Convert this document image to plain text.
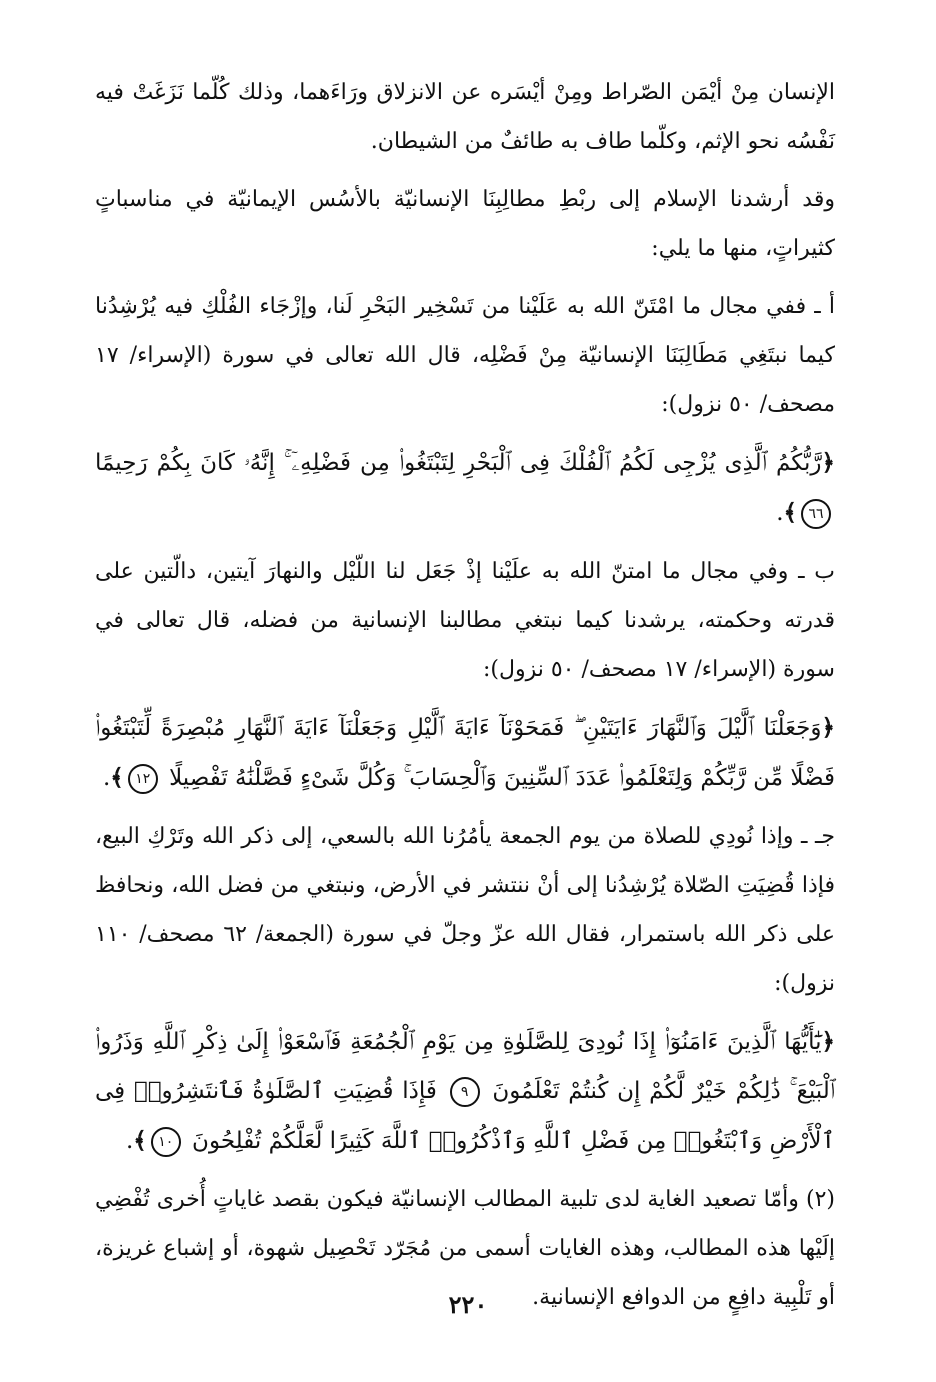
الإنسان مِنْ أيْمَن الصّراط ومِنْ أيْسَره عن الانزلاق ورَاءَهما، وذلك كُلّما نَزَغَتْ فيه نَفْسُه نحو الإثم، وكلّما طاف به طائفٌ من الشيطان.

وقد أرشدنا الإسلام إلى ربْطِ مطالِبِنَا الإنسانيّة بالأسُس الإيمانيّة في مناسباتٍ كثيراتٍ، منها ما يلي:

أ ـ ففي مجال ما امْتَنّ الله به عَلَيْنا من تَسْخِير البَحْرِ لَنا، وإزْجَاء الفُلْكِ فيه يُرْشِدُنا كيما نبتَغِي مَطَالِبَنَا الإنسانيّة مِنْ فَضْلِه، قال الله تعالى في سورة (الإسراء/ ١٧ مصحف/ ٥٠ نزول):

﴿رَّبُّكُمُ ٱلَّذِى يُزْجِى لَكُمُ ٱلْفُلْكَ فِى ٱلْبَحْرِ لِتَبْتَغُوا۟ مِن فَضْلِهِۦٓ ۚ إِنَّهُۥ كَانَ بِكُمْ رَحِيمًا ٦٦﴾.

ب ـ وفي مجال ما امتنّ الله به علَيْنا إذْ جَعَل لنا اللّيْل والنهارَ آيتين، دالّتين على قدرته وحكمته، يرشدنا كيما نبتغي مطالبنا الإنسانية من فضله، قال تعالى في سورة (الإسراء/ ١٧ مصحف/ ٥٠ نزول):

﴿وَجَعَلْنَا ٱلَّيْلَ وَٱلنَّهَارَ ءَايَتَيْنِ ۖ فَمَحَوْنَآ ءَايَةَ ٱلَّيْلِ وَجَعَلْنَآ ءَايَةَ ٱلنَّهَارِ مُبْصِرَةً لِّتَبْتَغُوا۟ فَضْلًا مِّن رَّبِّكُمْ وَلِتَعْلَمُوا۟ عَدَدَ ٱلسِّنِينَ وَٱلْحِسَابَ ۚ وَكُلَّ شَىْءٍ فَصَّلْنَٰهُ تَفْصِيلًا ١٢﴾.

جـ ـ وإذا نُودِي للصلاة من يوم الجمعة يأمُرُنا الله بالسعي، إلى ذكر الله وتَرْكِ البيع، فإذا قُضِيَتِ الصّلاة يُرْشِدُنا إلى أنْ ننتشر في الأرض، ونبتغي من فضل الله، ونحافظ على ذكر الله باستمرار، فقال الله عزّ وجلّ في سورة (الجمعة/ ٦٢ مصحف/ ١١٠ نزول):

﴿يَٰٓأَيُّهَا ٱلَّذِينَ ءَامَنُوٓا۟ إِذَا نُودِىَ لِلصَّلَوٰةِ مِن يَوْمِ ٱلْجُمُعَةِ فَٱسْعَوْا۟ إِلَىٰ ذِكْرِ ٱللَّهِ وَذَرُوا۟ ٱلْبَيْعَ ۚ ذَٰلِكُمْ خَيْرٌ لَّكُمْ إِن كُنتُمْ تَعْلَمُونَ ٩ فَإِذَا قُضِيَتِ ٱلصَّلَوٰةُ فَٱنتَشِرُوا۟ فِى ٱلْأَرْضِ وَٱبْتَغُوا۟ مِن فَضْلِ ٱللَّهِ وَٱذْكُرُوا۟ ٱللَّهَ كَثِيرًا لَّعَلَّكُمْ تُفْلِحُونَ ١٠﴾.

(٢) وأمّا تصعيد الغاية لدى تلبية المطالب الإنسانيّة فيكون بقصد غاياتٍ أُخرى تُفْضِي إلَيْها هذه المطالب، وهذه الغايات أسمى من مُجَرّد تَحْصِيل شهوة، أو إشباع غريزة، أو تَلْبِية دافِعٍ من الدوافع الإنسانية.

٢٢٠
